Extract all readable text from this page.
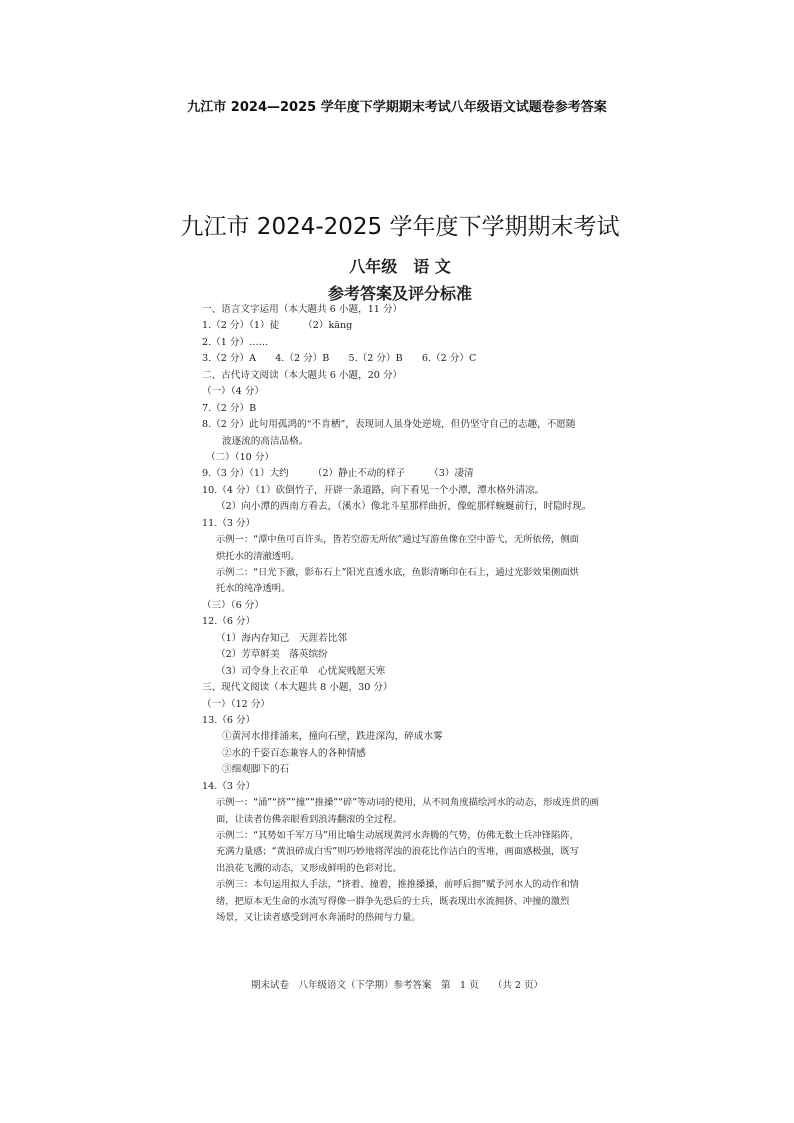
九江市 2024—2025 学年度下学期期末考试八年级语文试题卷参考答案
九江市 2024-2025 学年度下学期期末考试
八年级　语 文
参考答案及评分标准
一、语言文字运用（本大题共 6 小题，11 分）
1.（2 分）（1）徒　　　（2）kāng
2.（1 分）……
3.（2 分）A　　4.（2 分）B　　5.（2 分）B　　6.（2 分）C
二、古代诗文阅读（本大题共 6 小题，20 分）
（一）（4 分）
7.（2 分）B
8.（2 分）此句用孤鸿的“不肯栖”，表现词人虽身处逆境，但仍坚守自己的志趣，不愿随
波逐流的高洁品格。
（二）（10 分）
9.（3 分）（1）大约　　　（2）静止不动的样子　　　（3）凄清
10.（4 分）（1）砍倒竹子，开辟一条道路，向下看见一个小潭，潭水格外清凉。
（2）向小潭的西南方看去，（溪水）像北斗星那样曲折，像蛇那样蜿蜒前行，时隐时现。
11.（3 分）
示例一：“潭中鱼可百许头，皆若空游无所依”通过写游鱼像在空中游弋，无所依傍，侧面
烘托水的清澈透明。
示例二：“日光下澈，影布石上”阳光直透水底，鱼影清晰印在石上，通过光影效果侧面烘
托水的纯净透明。
（三）（6 分）
12.（6 分）
（1）海内存知己　天涯若比邻
（2）芳草鲜美　落英缤纷
（3）司令身上衣正单　心忧炭贱愿天寒
三、现代文阅读（本大题共 8 小题，30 分）
（一）（12 分）
13.（6 分）
①黄河水排排涌来，撞向石壁，跌进深沟，碎成水雾
②水的千姿百态兼容人的各种情感
③细观脚下的石
14.（3 分）
示例一：“涌”“挤”“撞”“推搡”“碎”等动词的使用，从不同角度描绘河水的动态，形成连贯的画
面，让读者仿佛亲眼看到浪涛翻滚的全过程。
示例二：“其势如千军万马”用比喻生动展现黄河水奔腾的气势，仿佛无数士兵冲锋陷阵，
充满力量感；“黄浪碎成白雪”则巧妙地将浑浊的浪花比作洁白的雪堆，画面感极强，既写
出浪花飞溅的动态，又形成鲜明的色彩对比。
示例三：本句运用拟人手法，“挤着、撞着，推推搡搡，前呼后拥”赋予河水人的动作和情
绪，把原本无生命的水流写得像一群争先恐后的士兵，既表现出水流拥挤、冲撞的激烈
场景，又让读者感受到河水奔涌时的热闹与力量。
期末试卷　八年级语文（下学期）参考答案　第　1 页　　（共 2 页）
